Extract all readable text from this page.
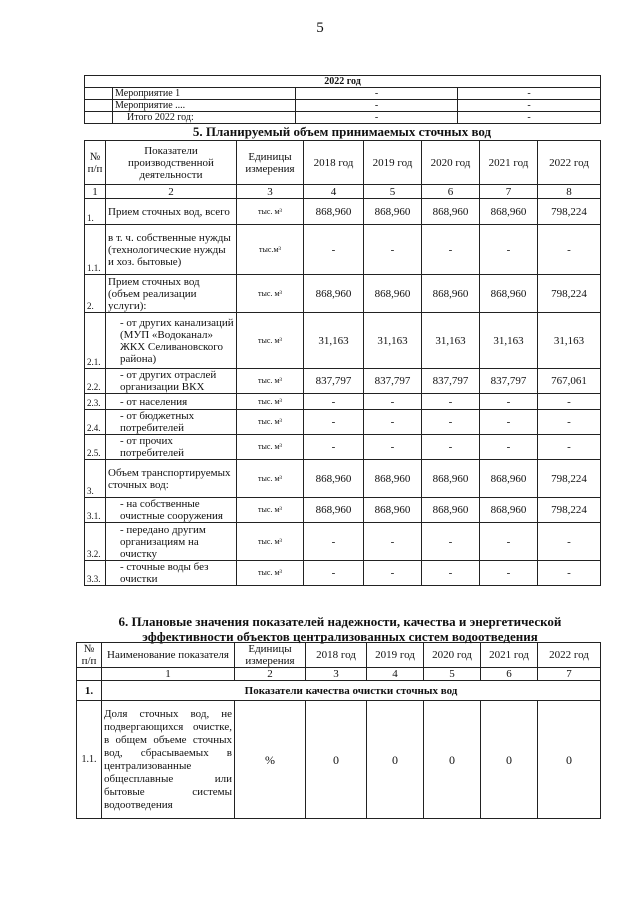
5
2022 год			
	Мероприятие 1	-	-
	Мероприятие ....	-	-
	Итого 2022 год:	-	-
5. Планируемый объем принимаемых сточных вод
№ п/п	Показатели производственной деятельности	Единицы измерения	2018 год	2019 год	2020 год	2021 год	2022 год
1	2	3	4	5	6	7	8
1.	Прием сточных вод, всего	тыс. м³	868,960	868,960	868,960	868,960	798,224
1.1.	в т. ч. собственные нужды (технологические нужды и хоз. бытовые)	тыс.м³	-	-	-	-	-
2.	Прием сточных вод (объем реализации услуги):	тыс. м³	868,960	868,960	868,960	868,960	798,224
2.1.	- от других канализаций (МУП «Водоканал» ЖКХ Селивановского района)	тыс. м³	31,163	31,163	31,163	31,163	31,163
2.2.	- от других отраслей организации ВКХ	тыс. м³	837,797	837,797	837,797	837,797	767,061
2.3.	- от населения	тыс. м³	-	-	-	-	-
2.4.	- от бюджетных потребителей	тыс. м³	-	-	-	-	-
2.5.	- от прочих потребителей	тыс. м³	-	-	-	-	-
3.	Объем транспортируемых сточных вод:	тыс. м³	868,960	868,960	868,960	868,960	798,224
3.1.	- на собственные очистные сооружения	тыс. м³	868,960	868,960	868,960	868,960	798,224
3.2.	- передано другим организациям на очистку	тыс. м³	-	-	-	-	-
3.3.	- сточные воды без очистки	тыс. м³	-	-	-	-	-
6. Плановые значения показателей надежности, качества и энергетической эффективности объектов централизованных систем водоотведения
№ п/п	Наименование показателя	Единицы измерения	2018 год	2019 год	2020 год	2021 год	2022 год
	1	2	3	4	5	6	7
1.	Показатели качества очистки сточных вод						
1.1.	Доля сточных вод, не подвергающихся очистке, в общем объеме сточных вод, сбрасываемых в централизованные общесплавные или бытовые системы водоотведения	%	0	0	0	0	0
